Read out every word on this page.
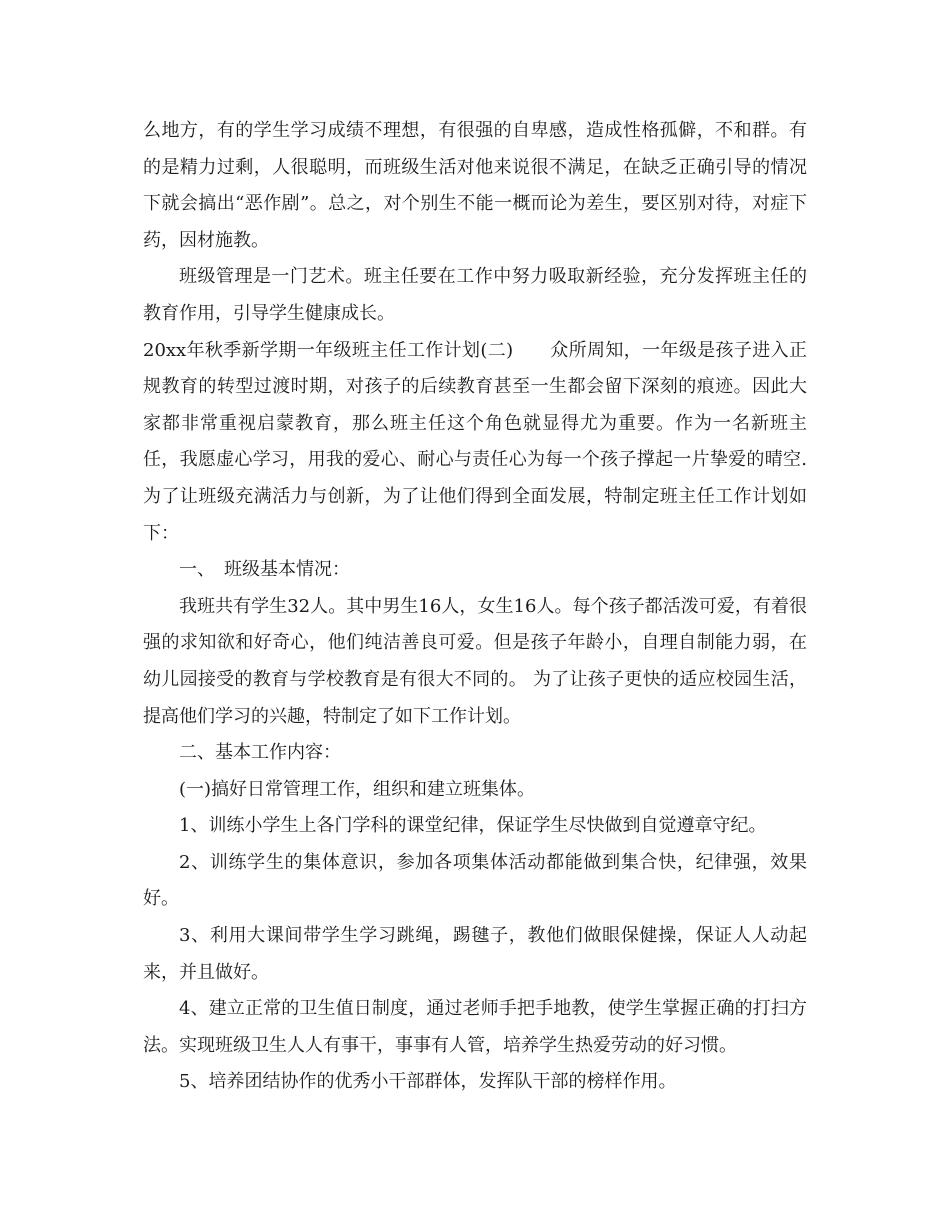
么地方，有的学生学习成绩不理想，有很强的自卑感，造成性格孤僻，不和群。有的是精力过剩，人很聪明，而班级生活对他来说很不满足，在缺乏正确引导的情况下就会搞出“恶作剧”。总之，对个别生不能一概而论为差生，要区别对待，对症下药，因材施教。

班级管理是一门艺术。班主任要在工作中努力吸取新经验，充分发挥班主任的教育作用，引导学生健康成长。

20xx年秋季新学期一年级班主任工作计划(二)　　众所周知，一年级是孩子进入正规教育的转型过渡时期，对孩子的后续教育甚至一生都会留下深刻的痕迹。因此大家都非常重视启蒙教育，那么班主任这个角色就显得尤为重要。作为一名新班主任，我愿虚心学习，用我的爱心、耐心与责任心为每一个孩子撑起一片挚爱的晴空.为了让班级充满活力与创新，为了让他们得到全面发展，特制定班主任工作计划如下：

一、　班级基本情况：

我班共有学生32人。其中男生16人，女生16人。每个孩子都活泼可爱，有着很强的求知欲和好奇心，他们纯洁善良可爱。但是孩子年龄小，自理自制能力弱，在幼儿园接受的教育与学校教育是有很大不同的。 为了让孩子更快的适应校园生活，提高他们学习的兴趣，特制定了如下工作计划。

二、基本工作内容：

(一)搞好日常管理工作，组织和建立班集体。

1、训练小学生上各门学科的课堂纪律，保证学生尽快做到自觉遵章守纪。

2、训练学生的集体意识，参加各项集体活动都能做到集合快，纪律强，效果好。

3、利用大课间带学生学习跳绳，踢毽子，教他们做眼保健操，保证人人动起来，并且做好。

4、建立正常的卫生值日制度，通过老师手把手地教，使学生掌握正确的打扫方法。实现班级卫生人人有事干，事事有人管，培养学生热爱劳动的好习惯。

5、培养团结协作的优秀小干部群体，发挥队干部的榜样作用。
